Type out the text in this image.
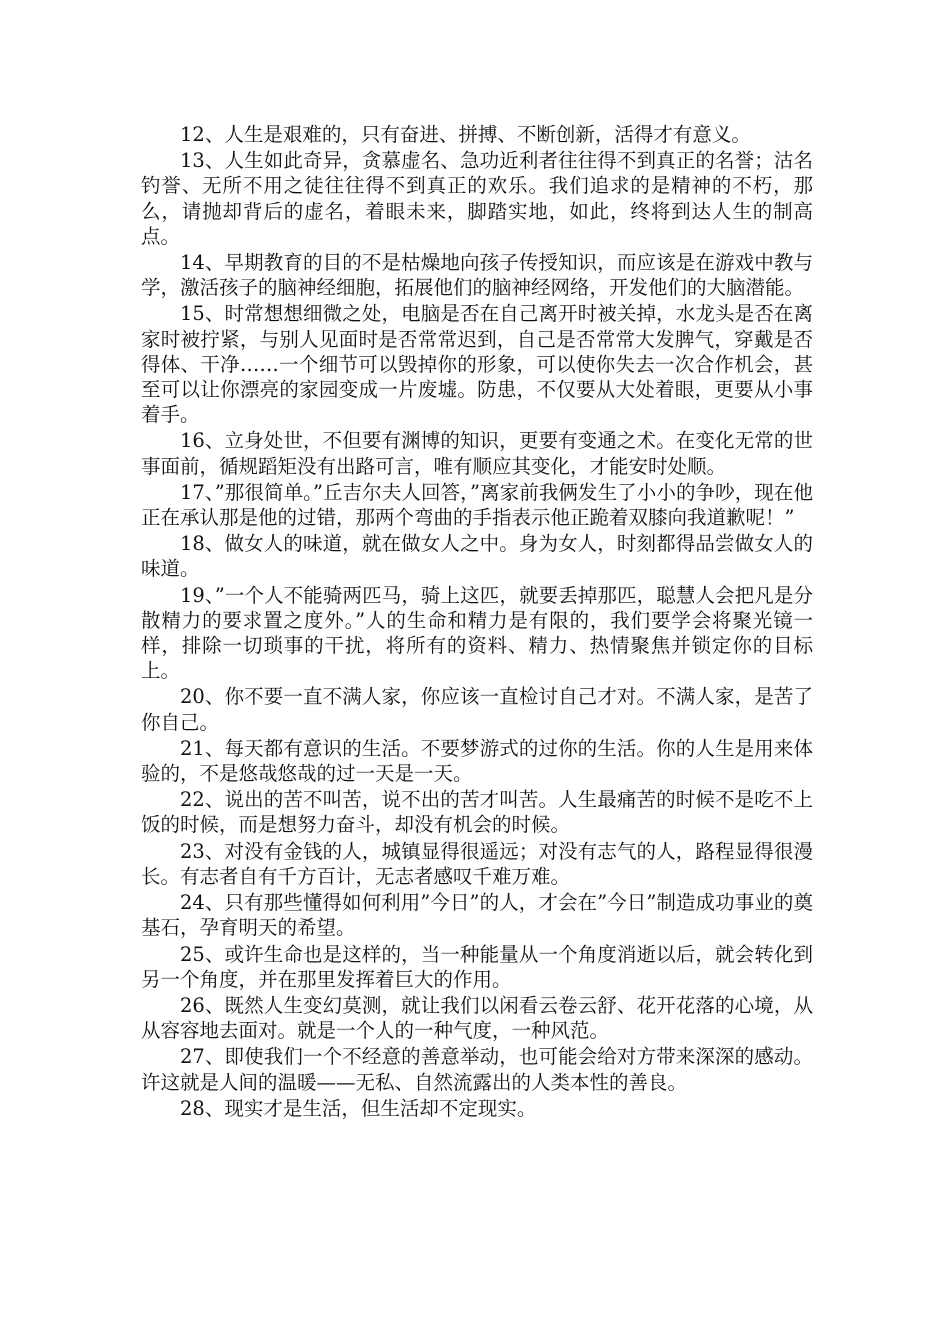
12、人生是艰难的，只有奋进、拼搏、不断创新，活得才有意义。

13、人生如此奇异，贪慕虚名、急功近利者往往得不到真正的名誉；沽名钓誉、无所不用之徒往往得不到真正的欢乐。我们追求的是精神的不朽，那么，请抛却背后的虚名，着眼未来，脚踏实地，如此，终将到达人生的制高点。

14、早期教育的目的不是枯燥地向孩子传授知识，而应该是在游戏中教与学，激活孩子的脑神经细胞，拓展他们的脑神经网络，开发他们的大脑潜能。

15、时常想想细微之处，电脑是否在自己离开时被关掉，水龙头是否在离家时被拧紧，与别人见面时是否常常迟到，自己是否常常大发脾气，穿戴是否得体、干净……一个细节可以毁掉你的形象，可以使你失去一次合作机会，甚至可以让你漂亮的家园变成一片废墟。防患，不仅要从大处着眼，更要从小事着手。

16、立身处世，不但要有渊博的知识，更要有变通之术。在变化无常的世事面前，循规蹈矩没有出路可言，唯有顺应其变化，才能安时处顺。

17、”那很简单。”丘吉尔夫人回答，”离家前我俩发生了小小的争吵，现在他正在承认那是他的过错，那两个弯曲的手指表示他正跪着双膝向我道歉呢！”

18、做女人的味道，就在做女人之中。身为女人，时刻都得品尝做女人的味道。

19、”一个人不能骑两匹马，骑上这匹，就要丢掉那匹，聪慧人会把凡是分散精力的要求置之度外。”人的生命和精力是有限的，我们要学会将聚光镜一样，排除一切琐事的干扰，将所有的资料、精力、热情聚焦并锁定你的目标上。

20、你不要一直不满人家，你应该一直检讨自己才对。不满人家，是苦了你自己。

21、每天都有意识的生活。不要梦游式的过你的生活。你的人生是用来体验的，不是悠哉悠哉的过一天是一天。

22、说出的苦不叫苦，说不出的苦才叫苦。人生最痛苦的时候不是吃不上饭的时候，而是想努力奋斗，却没有机会的时候。

23、对没有金钱的人，城镇显得很遥远；对没有志气的人，路程显得很漫长。有志者自有千方百计，无志者感叹千难万难。

24、只有那些懂得如何利用”今日”的人，才会在”今日”制造成功事业的奠基石，孕育明天的希望。

25、或许生命也是这样的，当一种能量从一个角度消逝以后，就会转化到另一个角度，并在那里发挥着巨大的作用。

26、既然人生变幻莫测，就让我们以闲看云卷云舒、花开花落的心境，从从容容地去面对。就是一个人的一种气度，一种风范。

27、即使我们一个不经意的善意举动，也可能会给对方带来深深的感动。许这就是人间的温暖——无私、自然流露出的人类本性的善良。

28、现实才是生活，但生活却不定现实。
